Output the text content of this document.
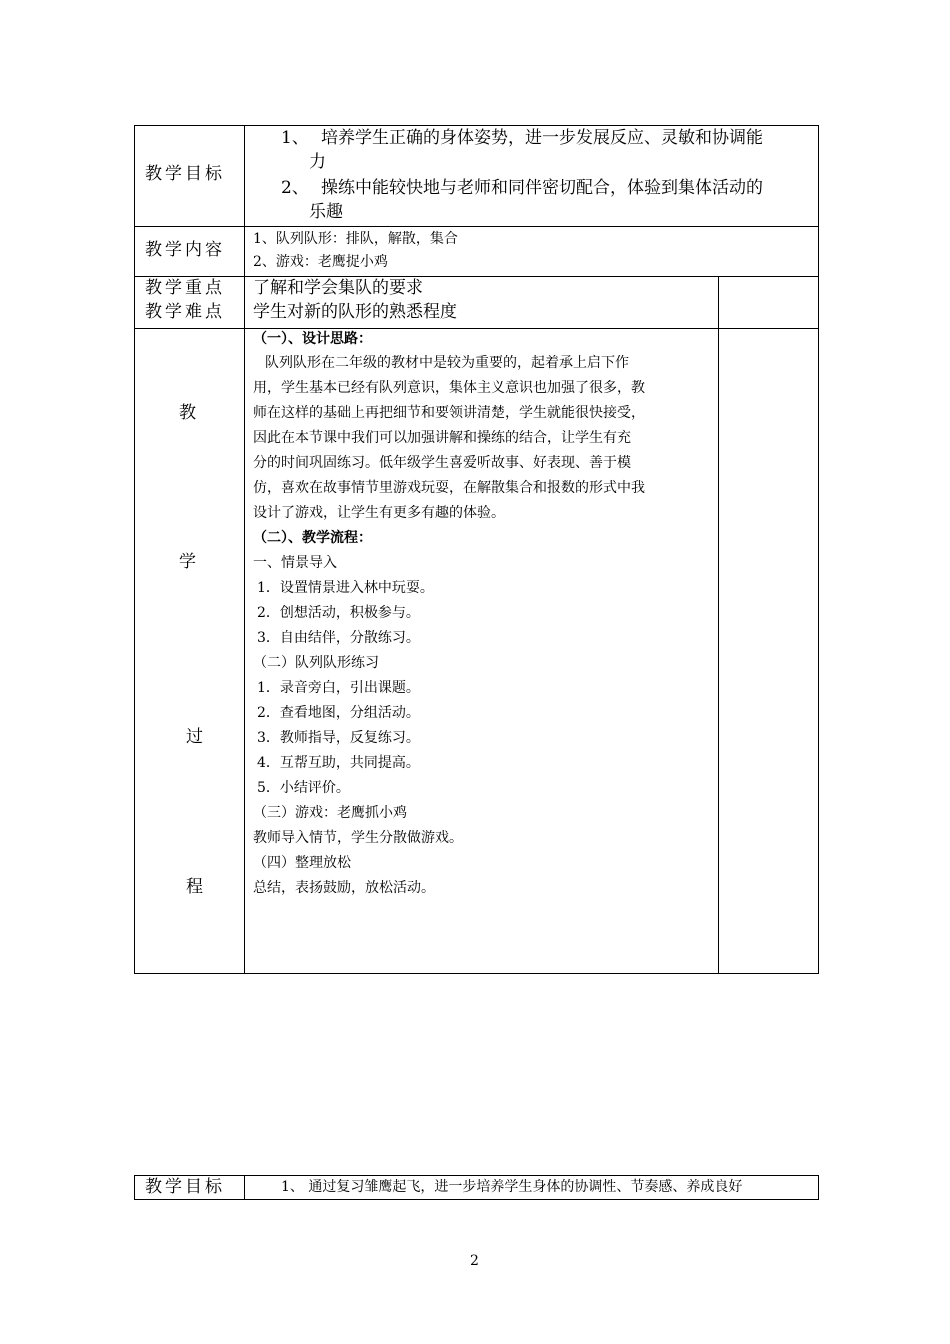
教学目标
1、 培养学生正确的身体姿势，进一步发展反应、灵敏和协调能
力
2、 操练中能较快地与老师和同伴密切配合，体验到集体活动的
乐趣
教学内容
1、队列队形：排队，解散，集合
2、游戏：老鹰捉小鸡
教学重点
教学难点
了解和学会集队的要求
学生对新的队形的熟悉程度
教
学
过
程
（一）、设计思路：
队列队形在二年级的教材中是较为重要的，起着承上启下作
用，学生基本已经有队列意识，集体主义意识也加强了很多，教
师在这样的基础上再把细节和要领讲清楚，学生就能很快接受，
因此在本节课中我们可以加强讲解和操练的结合，让学生有充
分的时间巩固练习。低年级学生喜爱听故事、好表现、善于模
仿，喜欢在故事情节里游戏玩耍，在解散集合和报数的形式中我
设计了游戏，让学生有更多有趣的体验。
（二）、教学流程：
一、情景导入
1．设置情景进入林中玩耍。
2．创想活动，积极参与。
3．自由结伴，分散练习。
（二）队列队形练习
1．录音旁白，引出课题。
2．查看地图，分组活动。
3．教师指导，反复练习。
4．互帮互助，共同提高。
5．小结评价。
（三）游戏：老鹰抓小鸡
教师导入情节，学生分散做游戏。
（四）整理放松
总结，表扬鼓励，放松活动。
教学目标	1、 通过复习雏鹰起飞，进一步培养学生身体的协调性、节奏感、养成良好
2
